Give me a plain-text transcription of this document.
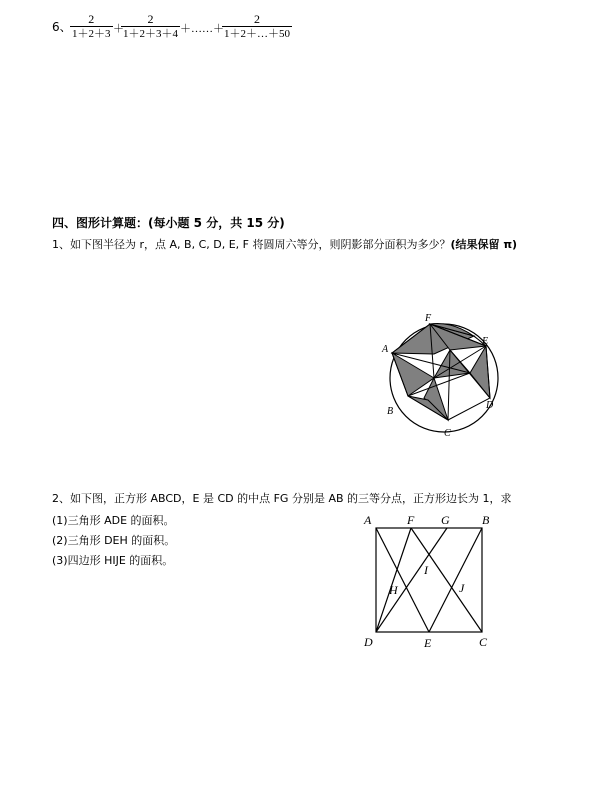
6、
$\frac{2}{1+2+3}$ ＋
$\frac{2}{1+2+3+4}$ ＋……＋
$\frac{2}{1+2+\dots+50}$
四、图形计算题：(每小题 5 分，共 15 分)
1、如下图半径为 r，点 A, B, C, D, E, F 将圆周六等分，则阴影部分面积为多少？(结果保留 π)
A
F
E
D
C
B
2、如下图，正方形 ABCD，E 是 CD 的中点 FG 分别是 AB 的三等分点，正方形边长为 1，求
(1)三角形 ADE 的面积。
(2)三角形 DEH 的面积。
(3)四边形 HIJE 的面积。
A	F G	B
I
H	J
D	E	C
